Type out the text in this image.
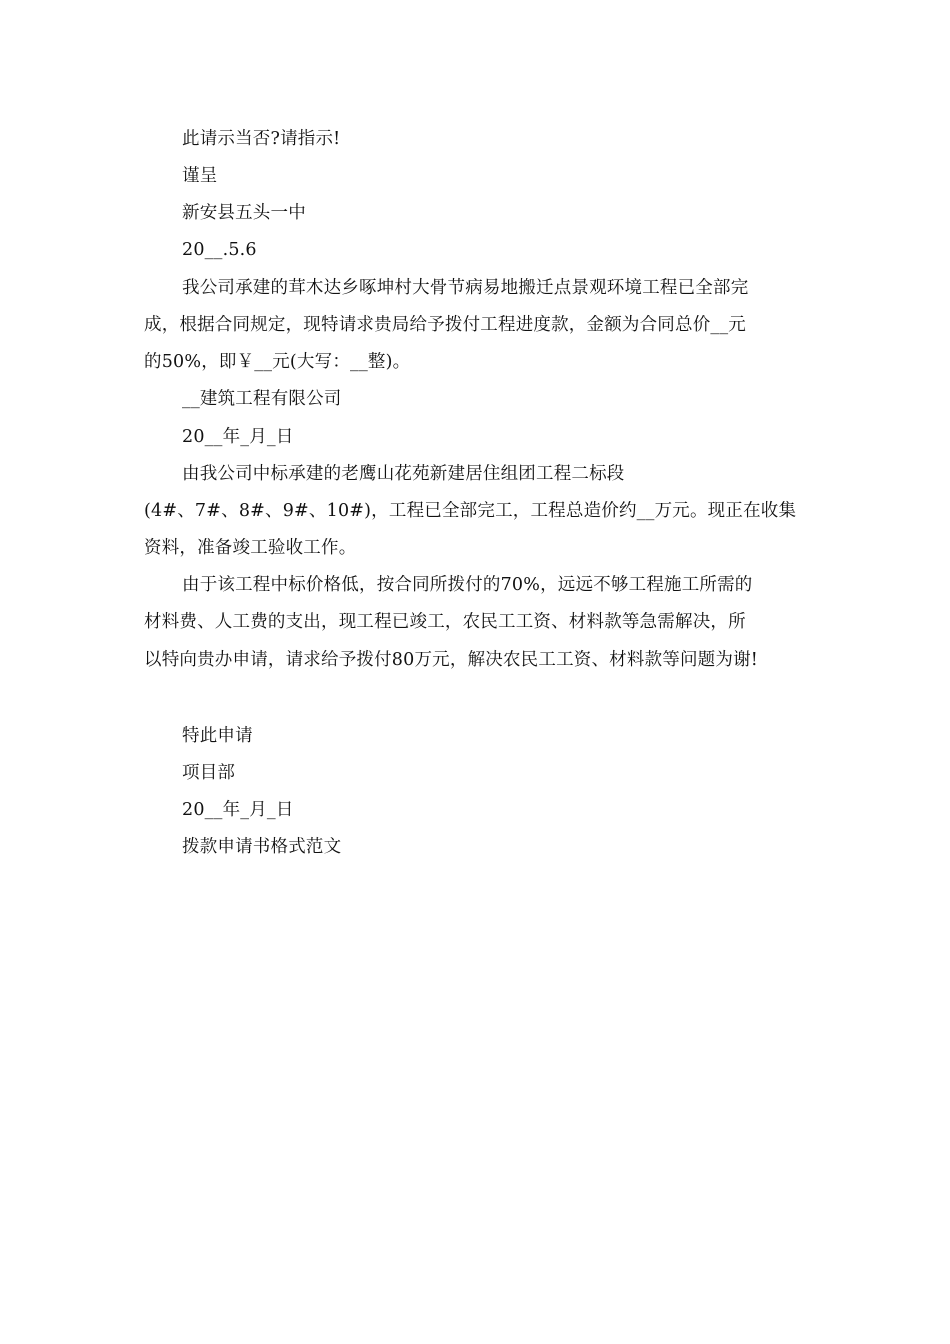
此请示当否?请指示!
谨呈
新安县五头一中
20__.5.6
我公司承建的茸木达乡啄坤村大骨节病易地搬迁点景观环境工程已全部完
成，根据合同规定，现特请求贵局给予拨付工程进度款，金额为合同总价__元
的50%，即￥__元(大写：__整)。
__建筑工程有限公司
20__年_月_日
由我公司中标承建的老鹰山花苑新建居住组团工程二标段
(4#、7#、8#、9#、10#)，工程已全部完工，工程总造价约__万元。现正在收集
资料，准备竣工验收工作。
由于该工程中标价格低，按合同所拨付的70%，远远不够工程施工所需的
材料费、人工费的支出，现工程已竣工，农民工工资、材料款等急需解决，所
以特向贵办申请，请求给予拨付80万元，解决农民工工资、材料款等问题为谢!
特此申请
项目部
20__年_月_日
拨款申请书格式范文
